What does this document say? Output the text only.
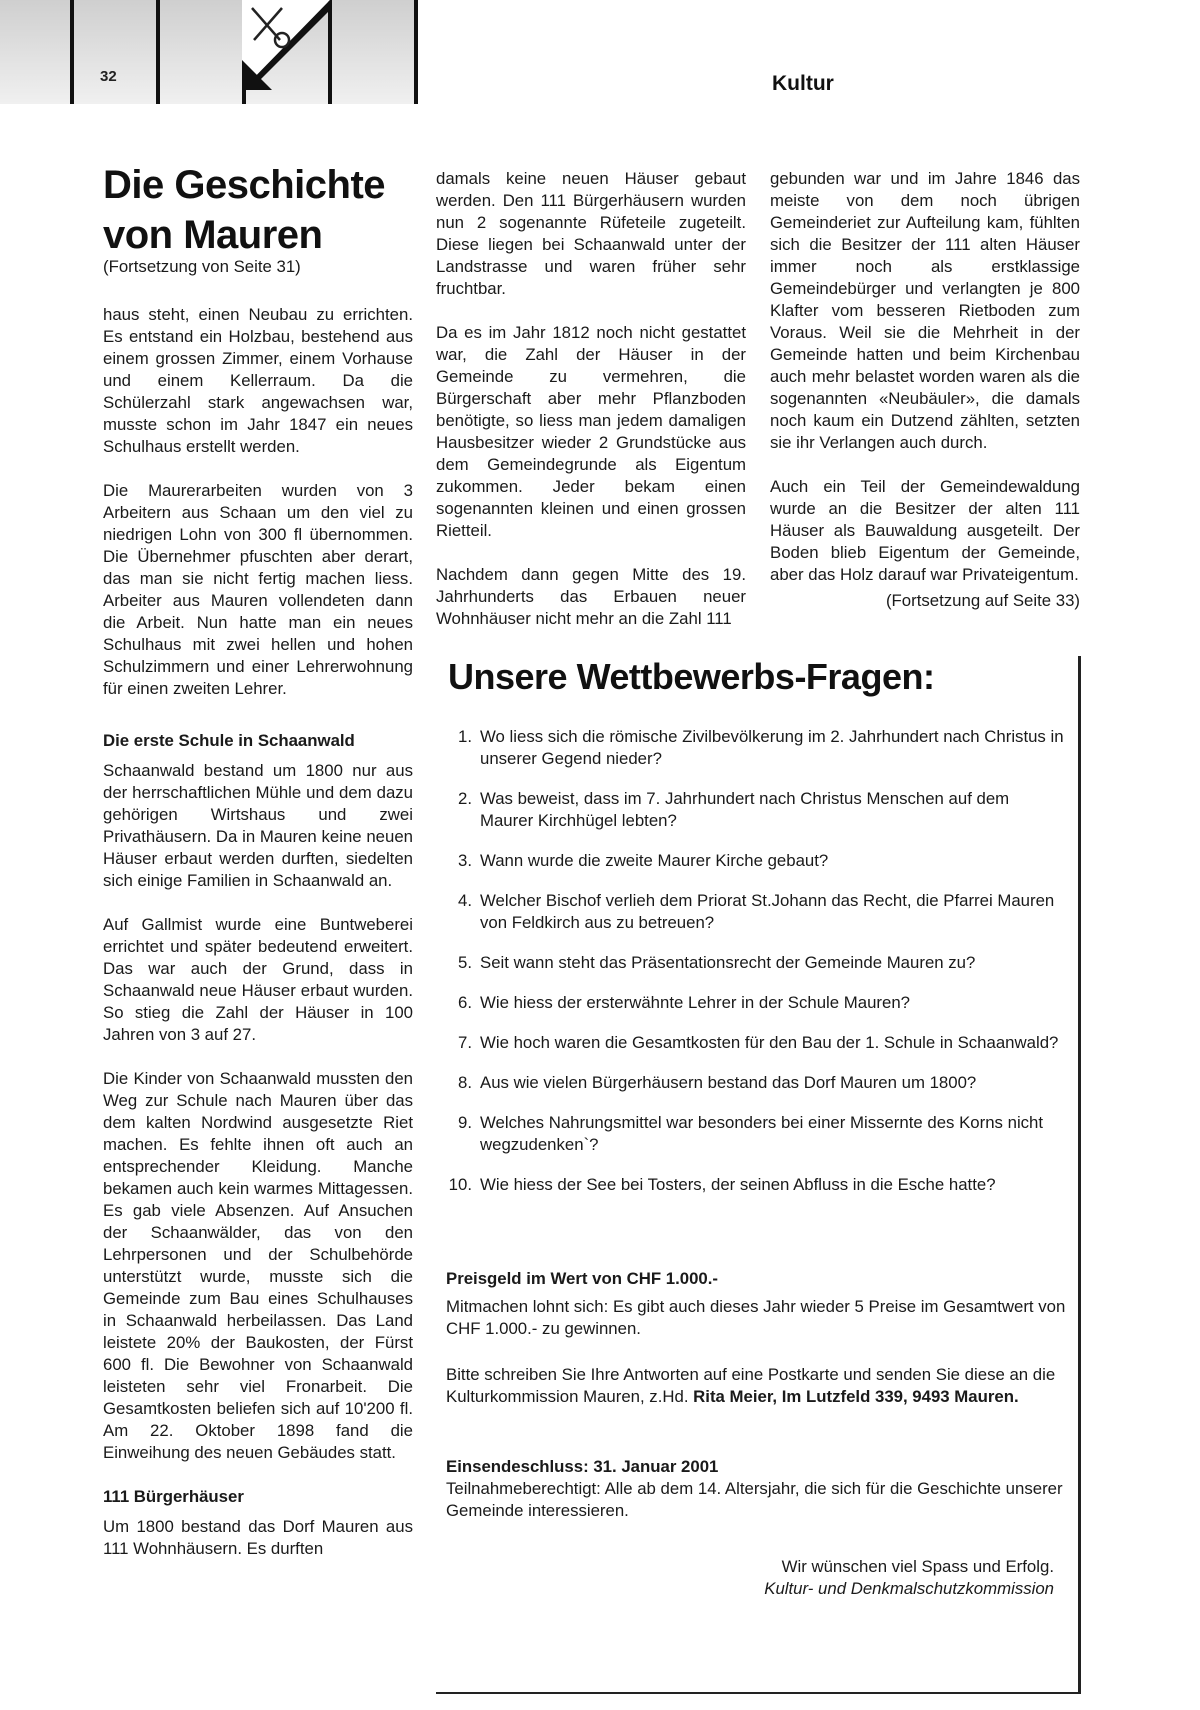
32	Kultur
Die Geschichte von Mauren
(Fortsetzung von Seite 31)

haus steht, einen Neubau zu errichten. Es entstand ein Holzbau, bestehend aus einem grossen Zimmer, einem Vorhause und einem Kellerraum. Da die Schülerzahl stark angewachsen war, musste schon im Jahr 1847 ein neues Schulhaus erstellt werden.

Die Maurerarbeiten wurden von 3 Arbeitern aus Schaan um den viel zu niedrigen Lohn von 300 fl übernommen. Die Übernehmer pfuschten aber derart, das man sie nicht fertig machen liess. Arbeiter aus Mauren vollendeten dann die Arbeit. Nun hatte man ein neues Schulhaus mit zwei hellen und hohen Schulzimmern und einer Lehrerwohnung für einen zweiten Lehrer.

Die erste Schule in Schaanwald

Schaanwald bestand um 1800 nur aus der herrschaftlichen Mühle und dem dazu gehörigen Wirtshaus und zwei Privathäusern. Da in Mauren keine neuen Häuser erbaut werden durften, siedelten sich einige Familien in Schaanwald an.

Auf Gallmist wurde eine Buntweberei errichtet und später bedeutend erweitert. Das war auch der Grund, dass in Schaanwald neue Häuser erbaut wurden. So stieg die Zahl der Häuser in 100 Jahren von 3 auf 27.

Die Kinder von Schaanwald mussten den Weg zur Schule nach Mauren über das dem kalten Nordwind ausgesetzte Riet machen. Es fehlte ihnen oft auch an entsprechender Kleidung. Manche bekamen auch kein warmes Mittagessen. Es gab viele Absenzen. Auf Ansuchen der Schaanwälder, das von den Lehrpersonen und der Schulbehörde unterstützt wurde, musste sich die Gemeinde zum Bau eines Schulhauses in Schaanwald herbeilassen. Das Land leistete 20% der Baukosten, der Fürst 600 fl. Die Bewohner von Schaanwald leisteten sehr viel Fronarbeit. Die Gesamtkosten beliefen sich auf 10'200 fl. Am 22. Oktober 1898 fand die Einweihung des neuen Gebäudes statt.

111 Bürgerhäuser

Um 1800 bestand das Dorf Mauren aus 111 Wohnhäusern. Es durften

damals keine neuen Häuser gebaut werden. Den 111 Bürgerhäusern wurden nun 2 sogenannte Rüfeteile zugeteilt. Diese liegen bei Schaanwald unter der Landstrasse und waren früher sehr fruchtbar.

Da es im Jahr 1812 noch nicht gestattet war, die Zahl der Häuser in der Gemeinde zu vermehren, die Bürgerschaft aber mehr Pflanzboden benötigte, so liess man jedem damaligen Hausbesitzer wieder 2 Grundstücke aus dem Gemeindegrunde als Eigentum zukommen. Jeder bekam einen sogenannten kleinen und einen grossen Rietteil.

Nachdem dann gegen Mitte des 19. Jahrhunderts das Erbauen neuer Wohnhäuser nicht mehr an die Zahl 111

gebunden war und im Jahre 1846 das meiste von dem noch übrigen Gemeinderiet zur Aufteilung kam, fühlten sich die Besitzer der 111 alten Häuser immer noch als erstklassige Gemeindebürger und verlangten je 800 Klafter vom besseren Rietboden zum Voraus. Weil sie die Mehrheit in der Gemeinde hatten und beim Kirchenbau auch mehr belastet worden waren als die sogenannten «Neubäuler», die damals noch kaum ein Dutzend zählten, setzten sie ihr Verlangen auch durch.

Auch ein Teil der Gemeindewaldung wurde an die Besitzer der alten 111 Häuser als Bauwaldung ausgeteilt. Der Boden blieb Eigentum der Gemeinde, aber das Holz darauf war Privateigentum.

(Fortsetzung auf Seite 33)

Unsere Wettbewerbs-Fragen:
1. Wo liess sich die römische Zivilbevölkerung im 2. Jahrhundert nach Christus in unserer Gegend nieder?
2. Was beweist, dass im 7. Jahrhundert nach Christus Menschen auf dem Maurer Kirchhügel lebten?
3. Wann wurde die zweite Maurer Kirche gebaut?
4. Welcher Bischof verlieh dem Priorat St.Johann das Recht, die Pfarrei Mauren von Feldkirch aus zu betreuen?
5. Seit wann steht das Präsentationsrecht der Gemeinde Mauren zu?
6. Wie hiess der ersterwähnte Lehrer in der Schule Mauren?
7. Wie hoch waren die Gesamtkosten für den Bau der 1. Schule in Schaanwald?
8. Aus wie vielen Bürgerhäusern bestand das Dorf Mauren um 1800?
9. Welches Nahrungsmittel war besonders bei einer Missernte des Korns nicht wegzudenken`?
10. Wie hiess der See bei Tosters, der seinen Abfluss in die Esche hatte?
Preisgeld im Wert von CHF 1.000.-
Mitmachen lohnt sich: Es gibt auch dieses Jahr wieder 5 Preise im Gesamtwert von CHF 1.000.- zu gewinnen.
Bitte schreiben Sie Ihre Antworten auf eine Postkarte und senden Sie diese an die Kulturkommission Mauren, z.Hd. Rita Meier, Im Lutzfeld 339, 9493 Mauren.
Einsendeschluss: 31. Januar 2001
Teilnahmeberechtigt: Alle ab dem 14. Altersjahr, die sich für die Geschichte unserer Gemeinde interessieren.
Wir wünschen viel Spass und Erfolg.
Kultur- und Denkmalschutzkommission
